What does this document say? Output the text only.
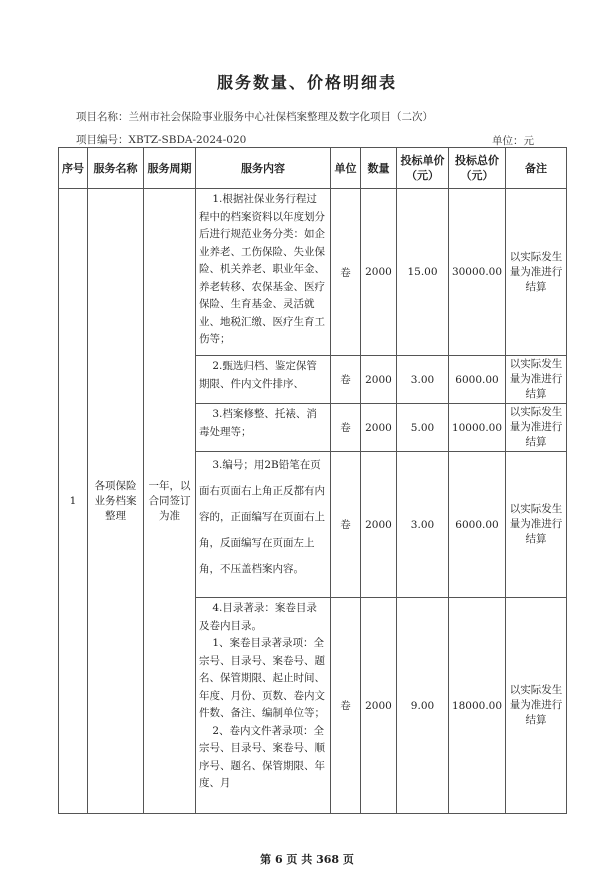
服务数量、价格明细表
项目名称：兰州市社会保险事业服务中心社保档案整理及数字化项目（二次）
项目编号：XBTZ-SBDA-2024-020	单位：元
序号	服务名称	服务周期	服务内容	单位	数量	投标单价（元）	投标总价（元）	备注
1	各项保险业务档案整理	一年，以合同签订为准	1.根据社保业务行程过程中的档案资料以年度划分后进行规范业务分类：如企业养老、工伤保险、失业保险、机关养老、职业年金、养老转移、农保基金、医疗保险、生育基金、灵活就业、地税汇缴、医疗生育工伤等；	卷	2000	15.00	30000.00	以实际发生量为准进行结算
			2.甄选归档、鉴定保管期限、件内文件排序、	卷	2000	3.00	6000.00	以实际发生量为准进行结算
			3.档案修整、托裱、消毒处理等；	卷	2000	5.00	10000.00	以实际发生量为准进行结算
			3.编号；用2B铅笔在页面右页面右上角正反都有内容的，正面编写在页面右上角，反面编写在页面左上角，不压盖档案内容。	卷	2000	3.00	6000.00	以实际发生量为准进行结算
			4.目录著录：案卷目录及卷内目录。
1、案卷目录著录项：全宗号、目录号、案卷号、题名、保管期限、起止时间、年度、月份、页数、卷内文件数、备注、编制单位等；
2、卷内文件著录项：全宗号、目录号、案卷号、顺序号、题名、保管期限、年度、月	卷	2000	9.00	18000.00	以实际发生量为准进行结算
第 6 页 共 368 页
